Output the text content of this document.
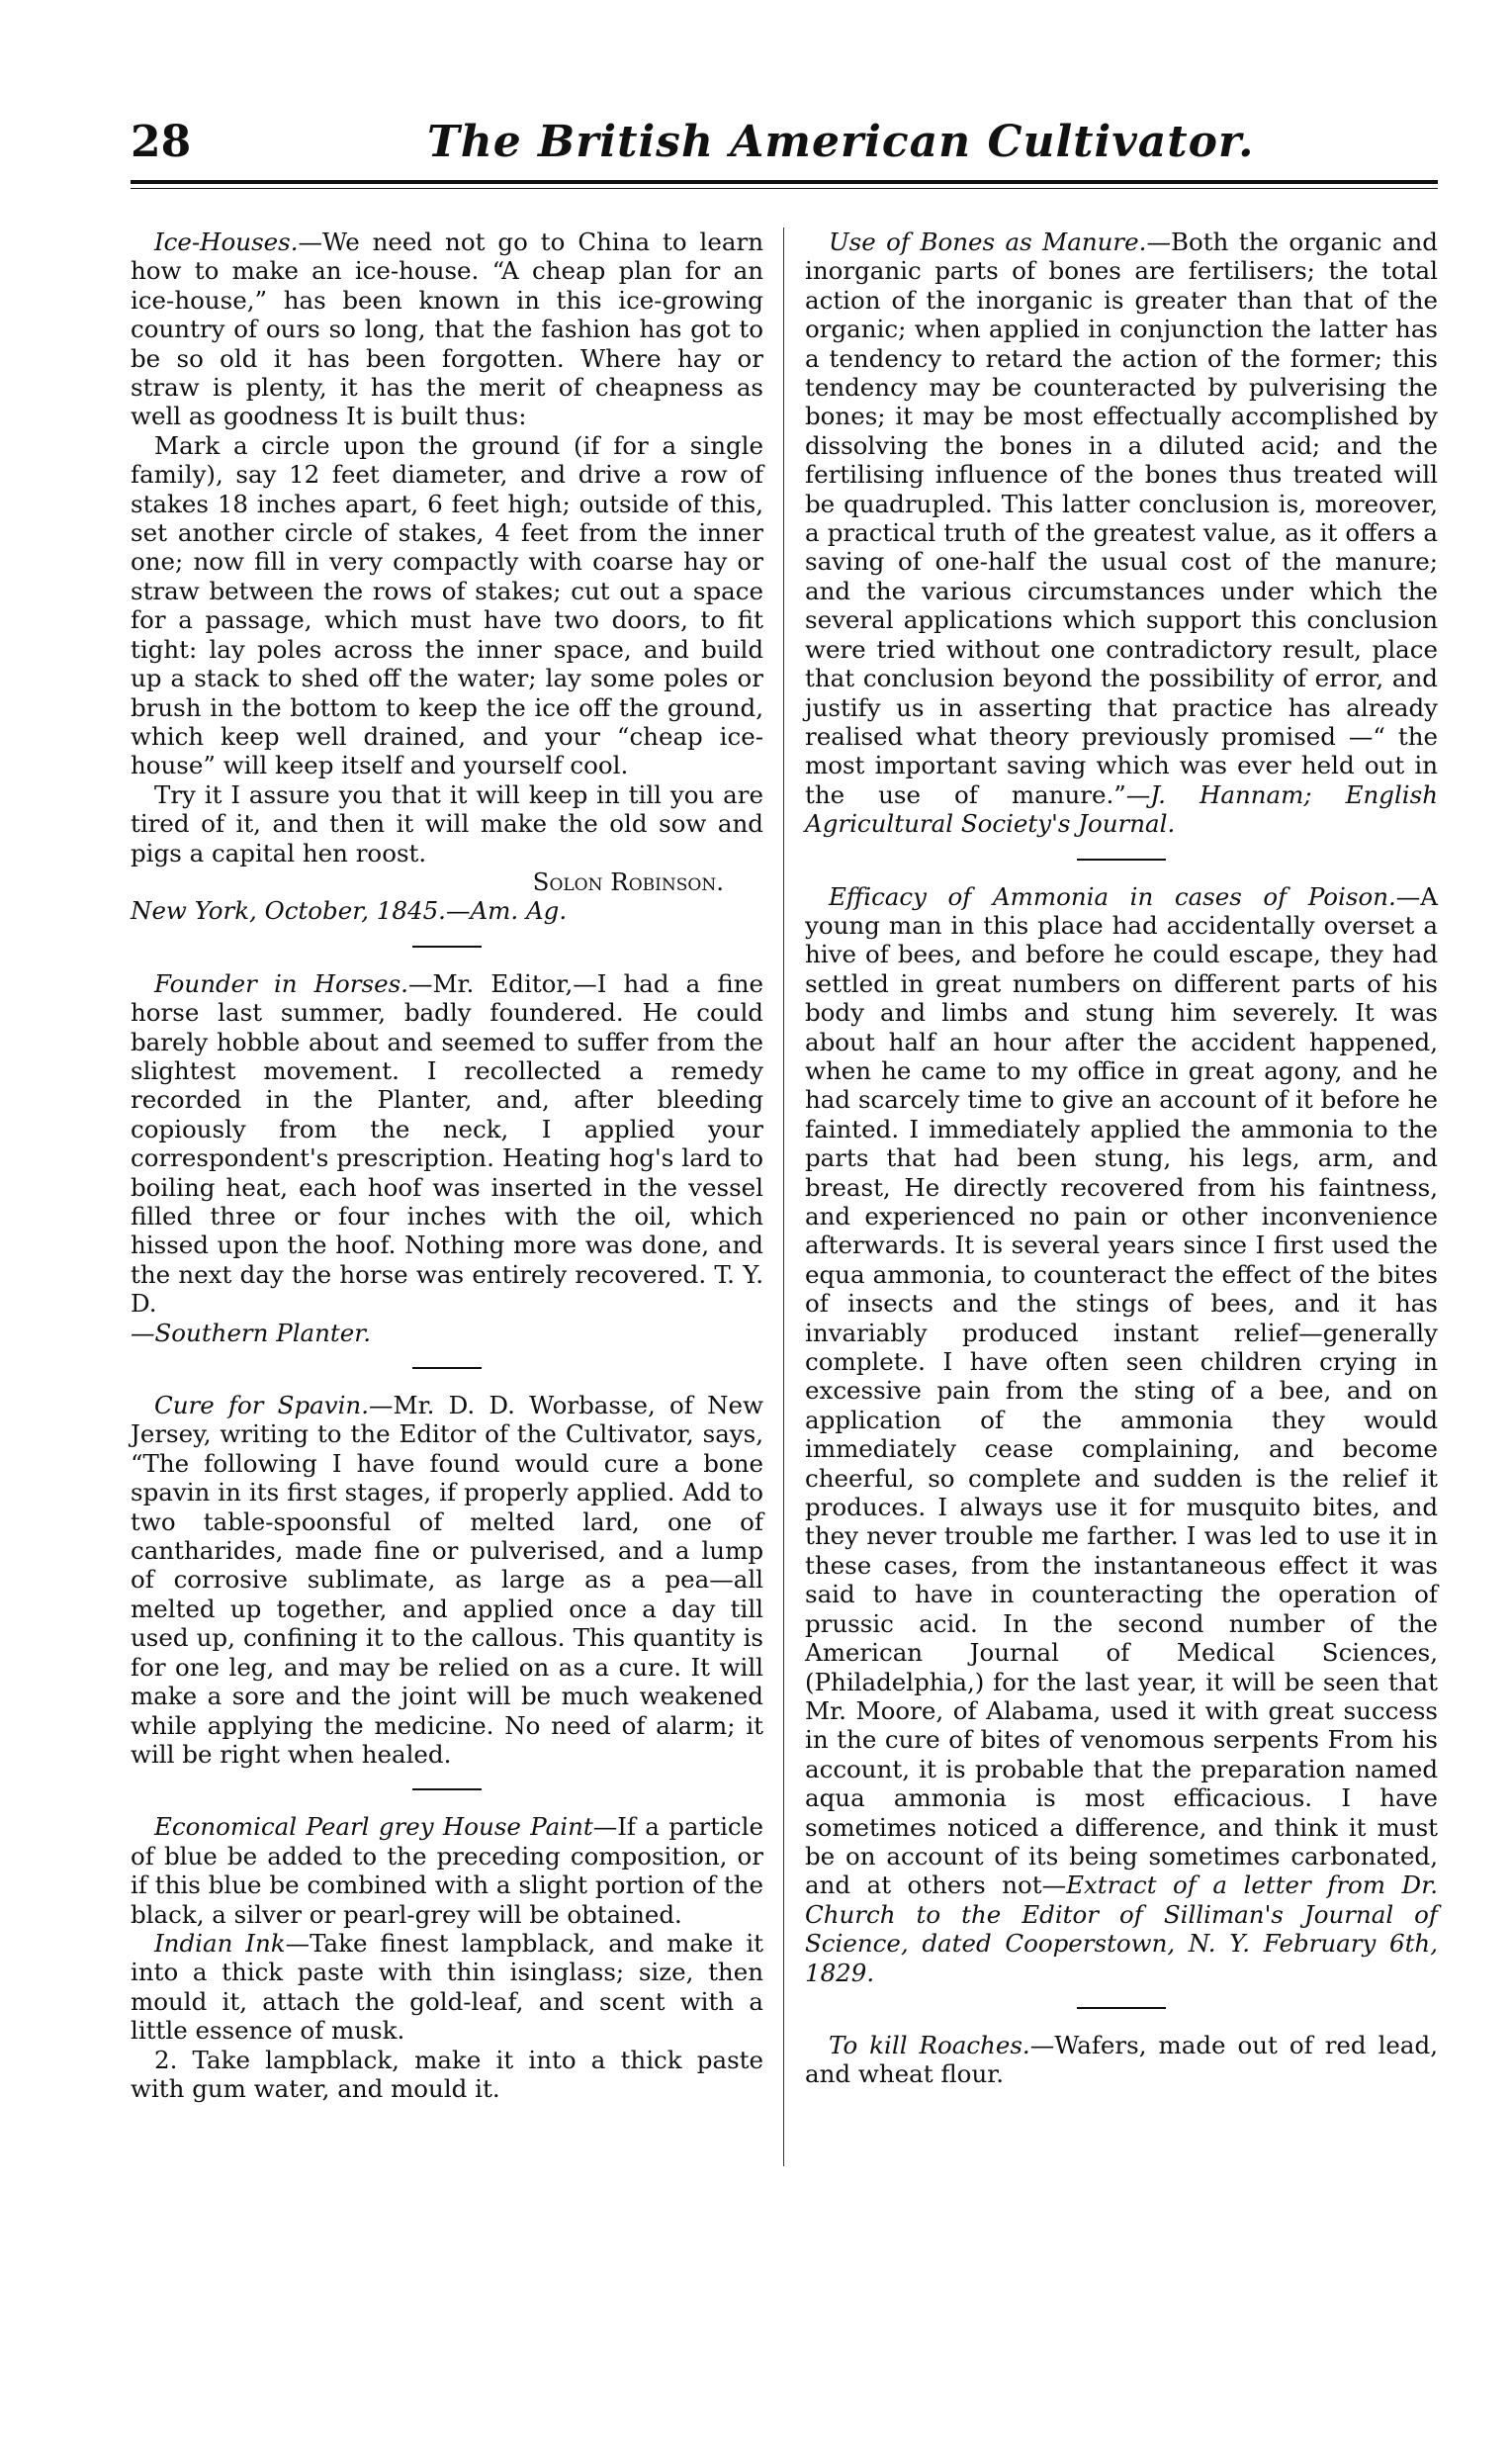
28	The British American Cultivator.

Ice-Houses.—We need not go to China to learn how to make an ice-house. “A cheap plan for an ice-house,” has been known in this ice-growing country of ours so long, that the fashion has got to be so old it has been forgotten. Where hay or straw is plenty, it has the merit of cheapness as well as goodness It is built thus:

Mark a circle upon the ground (if for a single family), say 12 feet diameter, and drive a row of stakes 18 inches apart, 6 feet high; outside of this, set another circle of stakes, 4 feet from the inner one; now fill in very compactly with coarse hay or straw between the rows of stakes; cut out a space for a passage, which must have two doors, to fit tight: lay poles across the inner space, and build up a stack to shed off the water; lay some poles or brush in the bottom to keep the ice off the ground, which keep well drained, and your “cheap ice-house” will keep itself and yourself cool.

Try it I assure you that it will keep in till you are tired of it, and then it will make the old sow and pigs a capital hen roost.

Solon Robinson.

New York, October, 1845.—Am. Ag.

Founder in Horses.—Mr. Editor,—I had a fine horse last summer, badly foundered. He could barely hobble about and seemed to suffer from the slightest movement. I recollected a remedy recorded in the Planter, and, after bleeding copiously from the neck, I applied your correspondent's prescription. Heating hog's lard to boiling heat, each hoof was inserted in the vessel filled three or four inches with the oil, which hissed upon the hoof. Nothing more was done, and the next day the horse was entirely recovered. T. Y. D.

—Southern Planter.

Cure for Spavin.—Mr. D. D. Worbasse, of New Jersey, writing to the Editor of the Cultivator, says, “The following I have found would cure a bone spavin in its first stages, if properly applied. Add to two table-spoonsful of melted lard, one of cantharides, made fine or pulverised, and a lump of corrosive sublimate, as large as a pea—all melted up together, and applied once a day till used up, confining it to the callous. This quantity is for one leg, and may be relied on as a cure. It will make a sore and the joint will be much weakened while applying the medicine. No need of alarm; it will be right when healed.

Economical Pearl grey House Paint—If a particle of blue be added to the preceding composition, or if this blue be combined with a slight portion of the black, a silver or pearl-grey will be obtained.

Indian Ink—Take finest lampblack, and make it into a thick paste with thin isinglass; size, then mould it, attach the gold-leaf, and scent with a little essence of musk.

2. Take lampblack, make it into a thick paste with gum water, and mould it.

Use of Bones as Manure.—Both the organic and inorganic parts of bones are fertilisers; the total action of the inorganic is greater than that of the organic; when applied in conjunction the latter has a tendency to retard the action of the former; this tendency may be counteracted by pulverising the bones; it may be most effectually accomplished by dissolving the bones in a diluted acid; and the fertilising influence of the bones thus treated will be quadrupled. This latter conclusion is, moreover, a practical truth of the greatest value, as it offers a saving of one-half the usual cost of the manure; and the various circumstances under which the several applications which support this conclusion were tried without one contradictory result, place that conclusion beyond the possibility of error, and justify us in asserting that practice has already realised what theory previously promised —“ the most important saving which was ever held out in the use of manure.”—J. Hannam; English Agricultural Society's Journal.

Efficacy of Ammonia in cases of Poison.—A young man in this place had accidentally overset a hive of bees, and before he could escape, they had settled in great numbers on different parts of his body and limbs and stung him severely. It was about half an hour after the accident happened, when he came to my office in great agony, and he had scarcely time to give an account of it before he fainted. I immediately applied the ammonia to the parts that had been stung, his legs, arm, and breast, He directly recovered from his faintness, and experienced no pain or other inconvenience afterwards. It is several years since I first used the equa ammonia, to counteract the effect of the bites of insects and the stings of bees, and it has invariably produced instant relief—generally complete. I have often seen children crying in excessive pain from the sting of a bee, and on application of the ammonia they would immediately cease complaining, and become cheerful, so complete and sudden is the relief it produces. I always use it for musquito bites, and they never trouble me farther. I was led to use it in these cases, from the instantaneous effect it was said to have in counteracting the operation of prussic acid. In the second number of the American Journal of Medical Sciences, (Philadelphia,) for the last year, it will be seen that Mr. Moore, of Alabama, used it with great success in the cure of bites of venomous serpents From his account, it is probable that the preparation named aqua ammonia is most efficacious. I have sometimes noticed a difference, and think it must be on account of its being sometimes carbonated, and at others not—Extract of a letter from Dr. Church to the Editor of Silliman's Journal of Science, dated Cooperstown, N. Y. February 6th, 1829.

To kill Roaches.—Wafers, made out of red lead, and wheat flour.
